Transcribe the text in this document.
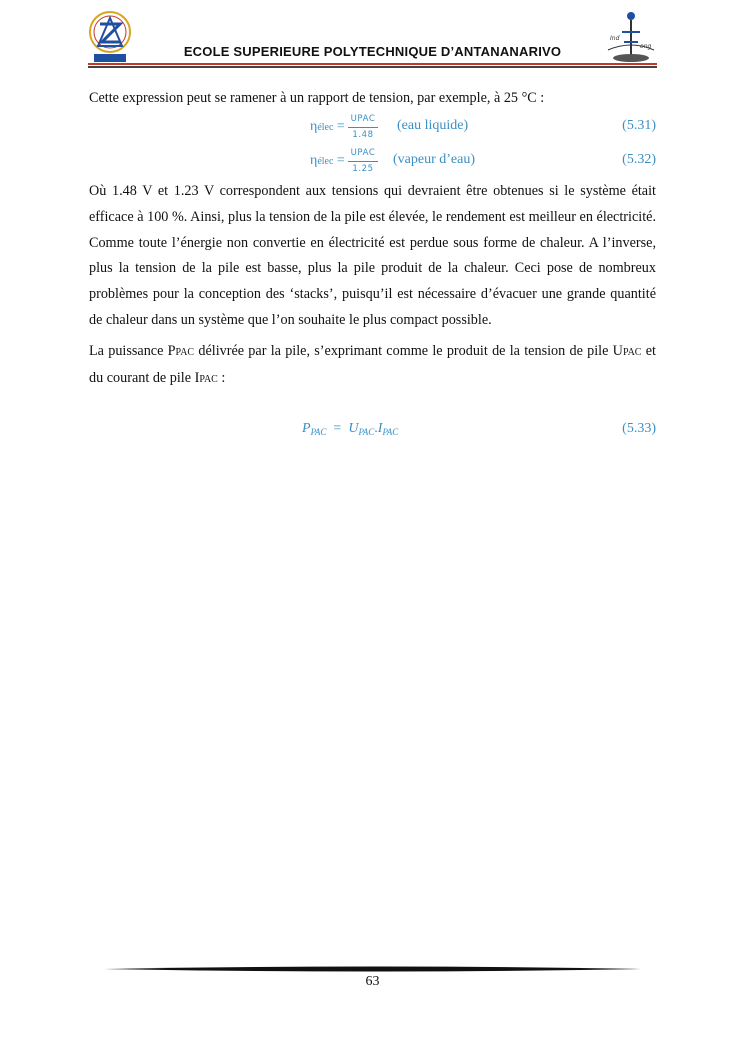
Ind
eng
ECOLE SUPERIEURE POLYTECHNIQUE D’ANTANANARIVO

Cette expression peut se ramener à un rapport de tension, par exemple, à 25 °C :

ηélec = UPAC
1.48
(eau liquide)	(5.31)
ηélec = UPAC
1.25
(vapeur d’eau)	(5.32)

Où 1.48 V et 1.23 V correspondent aux tensions qui devraient être obtenues si le système était efficace à 100 %. Ainsi, plus la tension de la pile est élevée, le rendement est meilleur en électricité. Comme toute l’énergie non convertie en électricité est perdue sous forme de chaleur. A l’inverse, plus la tension de la pile est basse, plus la pile produit de la chaleur. Ceci pose de nombreux problèmes pour la conception des ‘stacks’, puisqu’il est nécessaire d’évacuer une grande quantité de chaleur dans un système que l’on souhaite le plus compact possible.

La puissance PPAC délivrée par la pile, s’exprimant comme le produit de la tension de pile UPAC et du courant de pile IPAC :

$P_{PAC} = U_{PAC}.I_{PAC}$	(5.33)
63
